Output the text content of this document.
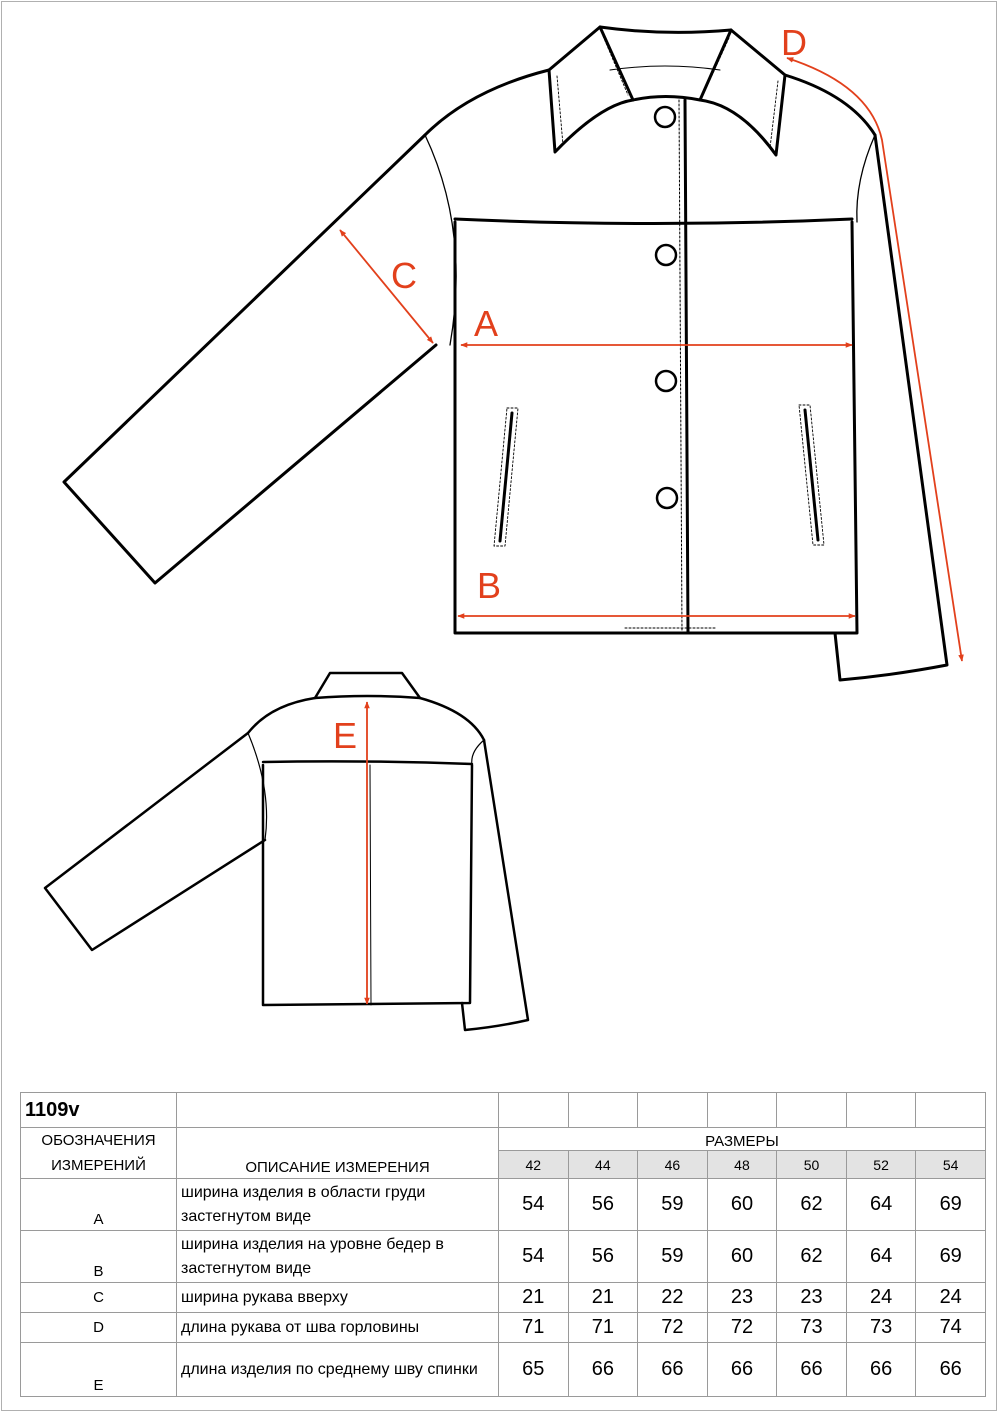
A
B
C
D
E
1109v								
ОБОЗНАЧЕНИЯ
ИЗМЕРЕНИЙ	ОПИСАНИЕ ИЗМЕРЕНИЯ	РАЗМЕРЫ						
		42	44	46	48	50	52	54
A	ширина изделия в области груди застегнутом виде	54	56	59	60	62	64	69
B	ширина изделия на уровне бедер в застегнутом виде	54	56	59	60	62	64	69
C	ширина рукава вверху	21	21	22	23	23	24	24
D	длина рукава от шва горловины	71	71	72	72	73	73	74
E	длина изделия по среднему шву спинки	65	66	66	66	66	66	66
